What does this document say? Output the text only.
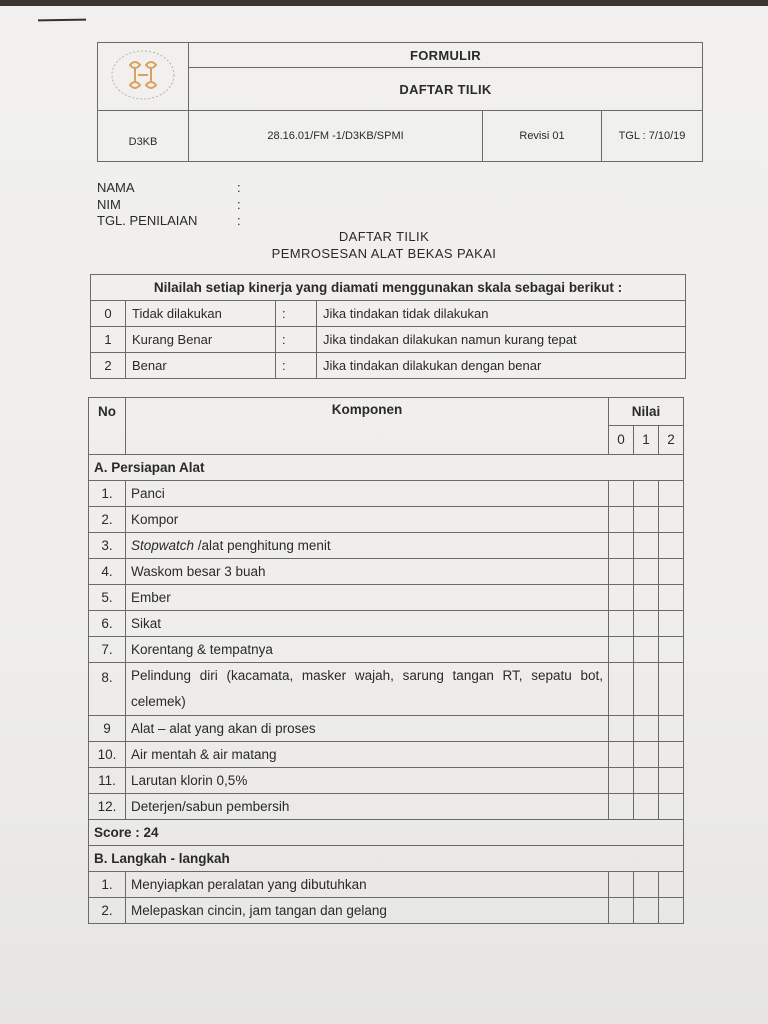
	FORMULIR		
	DAFTAR TILIK		
D3KB	28.16.01/FM -1/D3KB/SPMI	Revisi 01	TGL : 7/10/19
NAMA	:
NIM	:
TGL. PENILAIAN	:
DAFTAR TILIK
PEMROSESAN ALAT BEKAS PAKAI
Nilailah setiap kinerja yang diamati menggunakan skala sebagai berikut :			
0	Tidak dilakukan	:	Jika tindakan tidak dilakukan
1	Kurang Benar	:	Jika tindakan dilakukan namun kurang tepat
2	Benar	:	Jika tindakan dilakukan dengan benar
No	Komponen	Nilai		
		0	1	2
A. Persiapan Alat				
1.	Panci			
2.	Kompor			
3.	Stopwatch /alat penghitung menit			
4.	Waskom besar 3 buah			
5.	Ember			
6.	Sikat			
7.	Korentang & tempatnya			
8.	Pelindung diri (kacamata, masker wajah, sarung tangan RT, sepatu bot, celemek)			
9	Alat – alat yang akan di proses			
10.	Air mentah & air matang			
11.	Larutan klorin 0,5%			
12.	Deterjen/sabun pembersih			
Score : 24				
B. Langkah - langkah				
1.	Menyiapkan peralatan yang dibutuhkan			
2.	Melepaskan cincin, jam tangan dan gelang			
